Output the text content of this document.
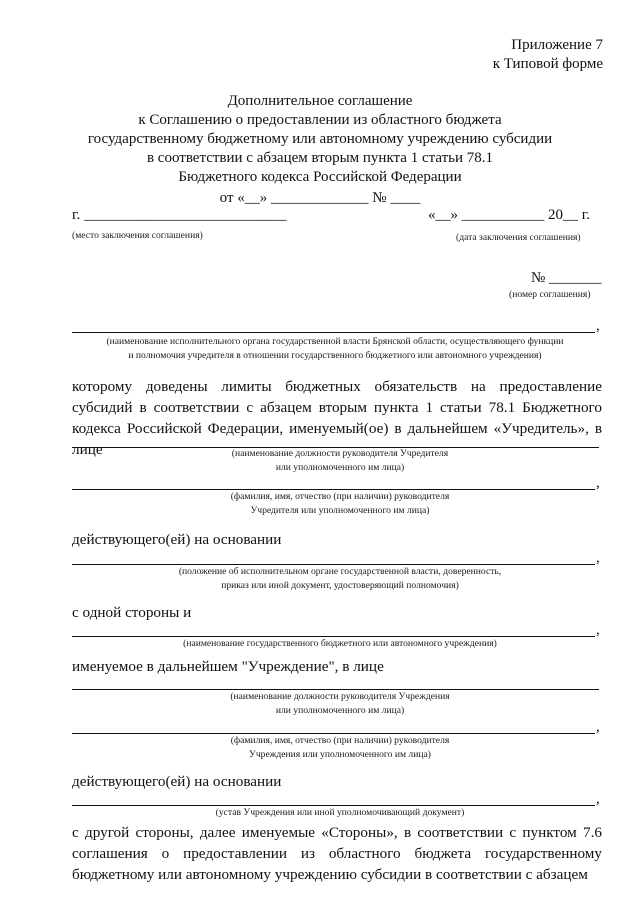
Приложение 7
к Типовой форме
Дополнительное соглашение
к Соглашению о предоставлении из областного бюджета
государственному бюджетному или автономному учреждению субсидии
в соответствии с абзацем вторым пункта 1 статьи 78.1
Бюджетного кодекса Российской Федерации
от «__» _____________ № ____
г. ___________________________
(место заключения соглашения)
«__» ___________ 20__ г.
(дата заключения соглашения)
№ _______
(номер соглашения)
,
(наименование исполнительного органа государственной власти Брянской области, осуществляющего функции
и полномочия учредителя в отношении государственного бюджетного или автономного учреждения)
которому доведены лимиты бюджетных обязательств на предоставление субсидий в соответствии с абзацем вторым пункта 1 статьи 78.1 Бюджетного кодекса Российской Федерации, именуемый(ое) в дальнейшем «Учредитель», в лице	(наименование должности руководителя Учредителя
или уполномоченного им лица)
,
(фамилия, имя, отчество (при наличии) руководителя
Учредителя или уполномоченного им лица)
действующего(ей) на основании
,
(положение об исполнительном органе государственной власти, доверенность,
приказ или иной документ, удостоверяющий полномочия)
с одной стороны и
,
(наименование государственного бюджетного или автономного учреждения)
именуемое в дальнейшем "Учреждение", в лице
(наименование должности руководителя Учреждения
или уполномоченного им лица)
,
(фамилия, имя, отчество (при наличии) руководителя
Учреждения или уполномоченного им лица)
действующего(ей) на основании
,
(устав Учреждения или иной уполномочивающий документ)
с другой стороны, далее именуемые «Стороны», в соответствии с пунктом 7.6 соглашения о предоставлении из областного бюджета государственному бюджетному или автономному учреждению субсидии в соответствии с абзацем
